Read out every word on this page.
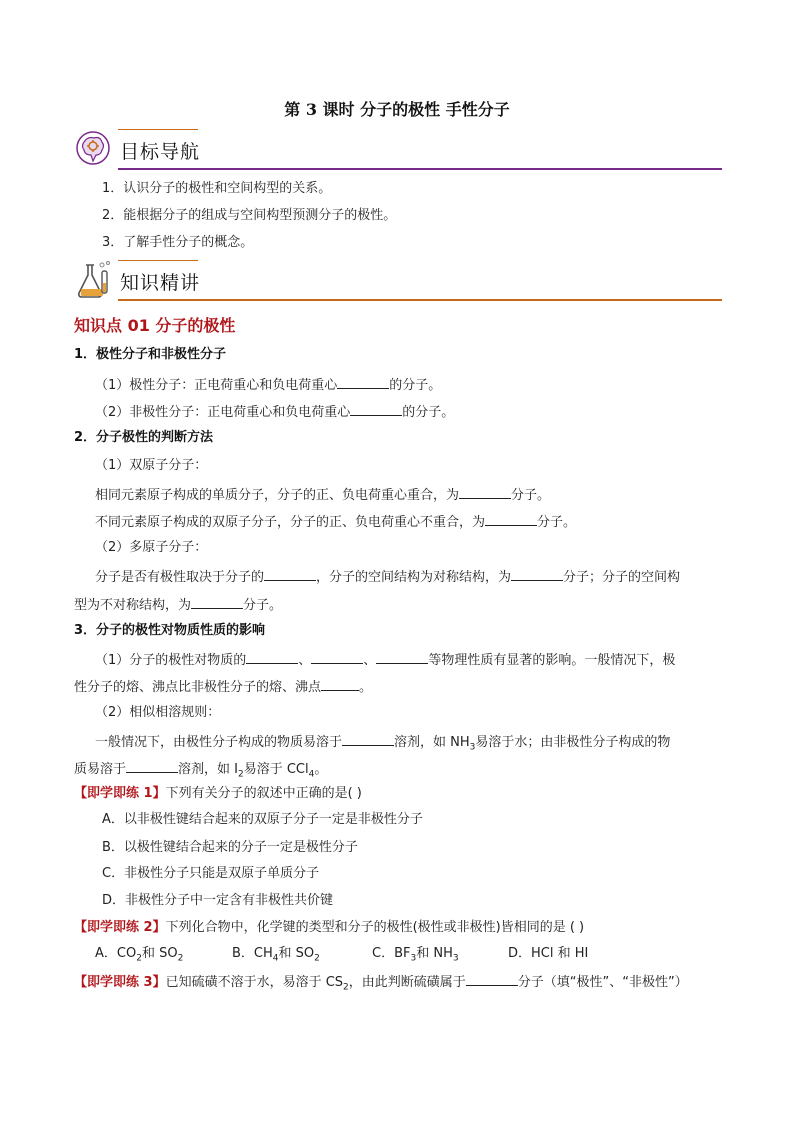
第 3 课时 分子的极性 手性分子
目标导航
1．认识分子的极性和空间构型的关系。
2．能根据分子的组成与空间构型预测分子的极性。
3．了解手性分子的概念。
知识精讲
知识点 01 分子的极性
1．极性分子和非极性分子
（1）极性分子：正电荷重心和负电荷重心	的分子。
（2）非极性分子：正电荷重心和负电荷重心	的分子。
2．分子极性的判断方法
（1）双原子分子：
相同元素原子构成的单质分子，分子的正、负电荷重心重合，为	分子。
不同元素原子构成的双原子分子，分子的正、负电荷重心不重合，为	分子。
（2）多原子分子：
分子是否有极性取决于分子的	，分子的空间结构为对称结构，为	分子；分子的空间构
型为不对称结构，为	分子。
3．分子的极性对物质性质的影响
（1）分子的极性对物质的	、	、	等物理性质有显著的影响。一般情况下，极
性分子的熔、沸点比非极性分子的熔、沸点	。
（2）相似相溶规则：
一般情况下，由极性分子构成的物质易溶于	溶剂，如 $NH_3$易溶于水；由非极性分子构成的物
质易溶于	溶剂，如 $I_2$易溶于 CCl$_4$。
【即学即练 1】下列有关分子的叙述中正确的是( )
A．以非极性键结合起来的双原子分子一定是非极性分子
B．以极性键结合起来的分子一定是极性分子
C．非极性分子只能是双原子单质分子
D．非极性分子中一定含有非极性共价键
【即学即练 2】下列化合物中，化学键的类型和分子的极性(极性或非极性)皆相同的是 ( )
A．$CO_2$和 $SO_2$	B．$CH_4$和 $SO_2$	C．$BF_3$和 $NH_3$	D．HCl 和 HI
【即学即练 3】已知硫磺不溶于水，易溶于 $CS_2$，由此判断硫磺属于	分子（填“极性”、“非极性”）
